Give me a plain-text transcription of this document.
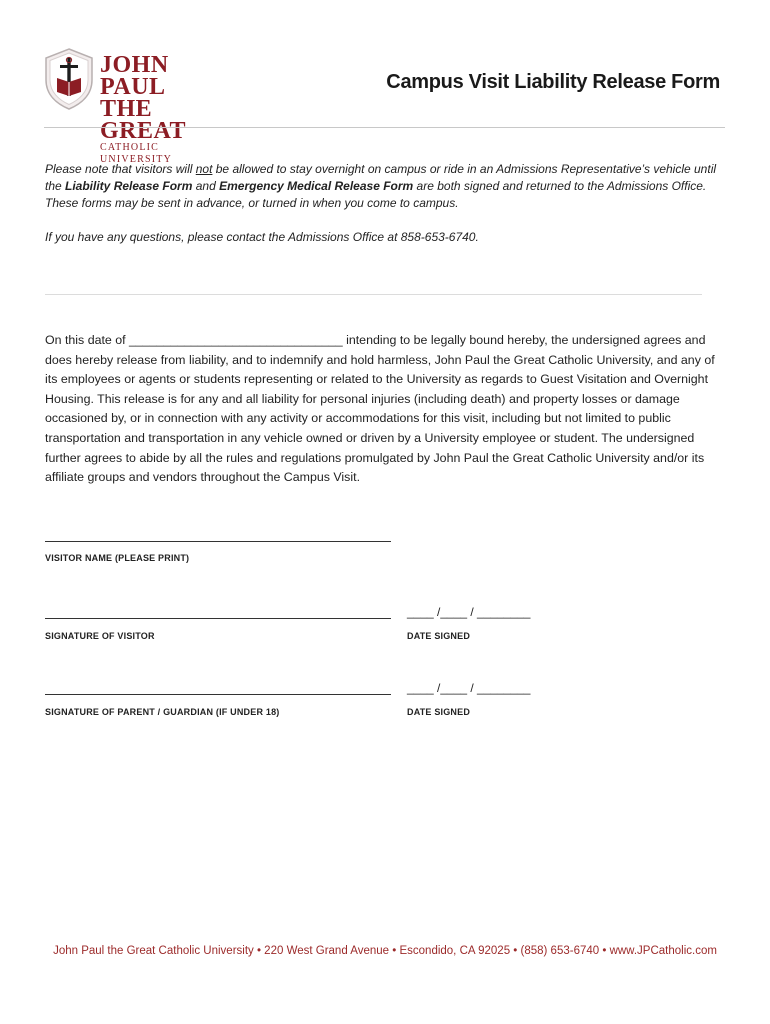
JOHN PAUL
THE GREAT
CATHOLIC UNIVERSITY
Campus Visit Liability Release Form

Please note that visitors will not be allowed to stay overnight on campus or ride in an Admissions Representative’s vehicle until the Liability Release Form and Emergency Medical Release Form are both signed and returned to the Admissions Office. These forms may be sent in advance, or turned in when you come to campus.

If you have any questions, please contact the Admissions Office at 858-653-6740.

On this date of _______________________________ intending to be legally bound hereby, the undersigned agrees and does hereby release from liability, and to indemnify and hold harmless, John Paul the Great Catholic University, and any of its employees or agents or students representing or related to the University as regards to Guest Visitation and Overnight Housing. This release is for any and all liability for personal injuries (including death) and property losses or damage occasioned by, or in connection with any activity or accommodations for this visit, including but not limited to public transportation and transportation in any vehicle owned or driven by a University employee or student. The undersigned further agrees to abide by all the rules and regulations promulgated by John Paul the Great Catholic University and/or its affiliate groups and vendors throughout the Campus Visit.

VISITOR NAME (PLEASE PRINT)
____ /____ / ________
SIGNATURE OF VISITOR	DATE SIGNED
____ /____ / ________
SIGNATURE OF PARENT / GUARDIAN (IF UNDER 18)	DATE SIGNED
John Paul the Great Catholic University • 220 West Grand Avenue • Escondido, CA 92025 • (858) 653-6740 • www.JPCatholic.com
